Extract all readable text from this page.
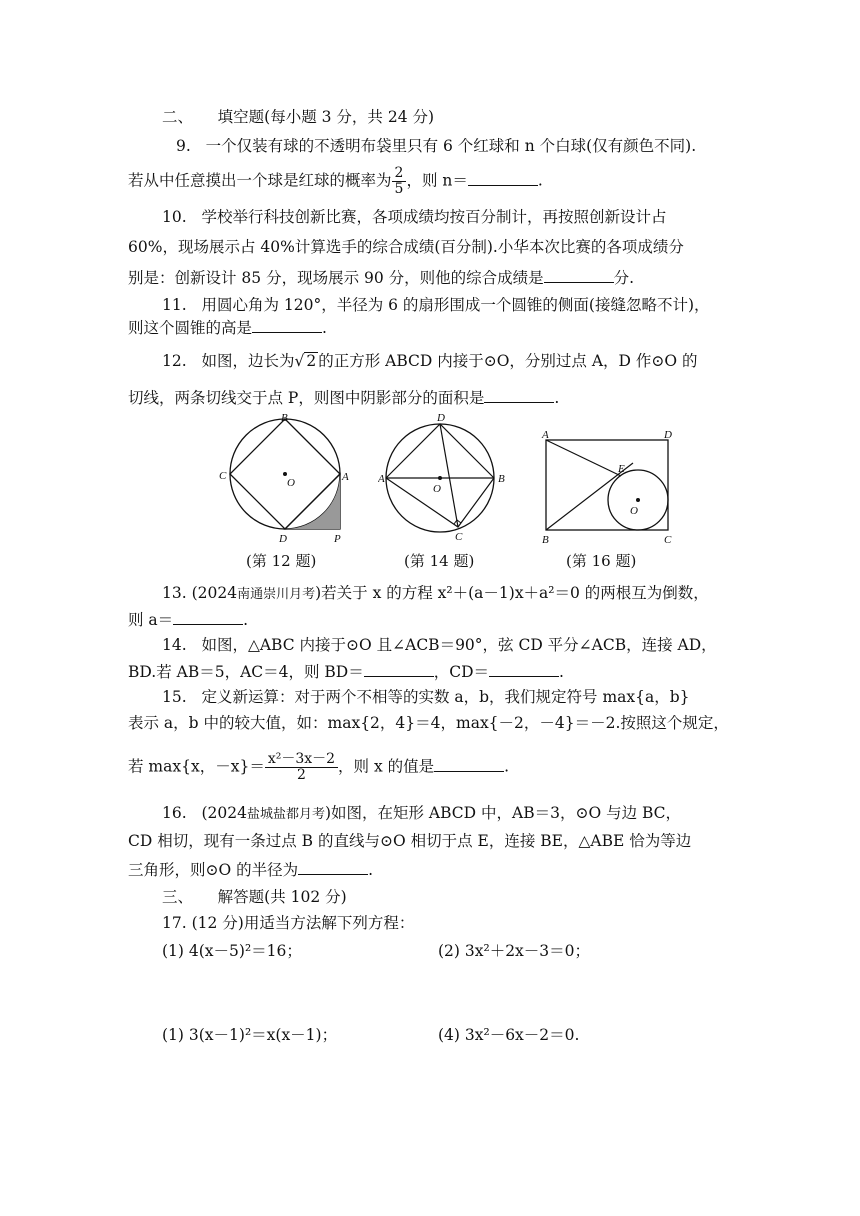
二、 填空题(每小题 3 分，共 24 分)
9. 一个仅装有球的不透明布袋里只有 6 个红球和 n 个白球(仅有颜色不同).
若从中任意摸出一个球是红球的概率为 $\frac{2}{5}$ ，则 n＝	.
10. 学校举行科技创新比赛，各项成绩均按百分制计，再按照创新设计占
60%，现场展示占 40%计算选手的综合成绩(百分制).小华本次比赛的各项成绩分
别是：创新设计 85 分，现场展示 90 分，则他的综合成绩是	分.
11. 用圆心角为 120°，半径为 6 的扇形围成一个圆锥的侧面(接缝忽略不计)，
则这个圆锥的高是	.
12. 如图，边长为√ 2 的正方形 ABCD 内接于⊙O，分别过点 A，D 作⊙O 的
切线，两条切线交于点 P，则图中阴影部分的面积是	.
B
C
O	A
D	P
D
A
O
B
C
A	D
E
O
B	C
(第 12 题)	(第 14 题)	(第 16 题)
13. (2024南通崇川月考)若关于 x 的方程 x²＋(a－1)x＋a²＝0 的两根互为倒数，
则 a＝	.
14. 如图，△ABC 内接于⊙O 且∠ACB＝90°，弦 CD 平分∠ACB，连接 AD，
BD.若 AB＝5，AC＝4，则 BD＝	，CD＝	.
15. 定义新运算：对于两个不相等的实数 a，b，我们规定符号 max{a，b}
表示 a，b 中的较大值，如：max{2，4}＝4，max{－2，－4}＝－2.按照这个规定，
若 max{x，$-x\}= \frac{\text{x²－3x－2}}{2}$ ，则 x 的值是	.
16. (2024盐城盐都月考)如图，在矩形 ABCD 中，AB＝3，⊙O 与边 BC，
CD 相切，现有一条过点 B 的直线与⊙O 相切于点 E，连接 BE，△ABE 恰为等边
三角形，则⊙O 的半径为	.
三、 解答题(共 102 分)
17. (12 分)用适当方法解下列方程：
(1) 4(x－5)²＝16；	(2) 3x²＋2x－3＝0；
(1) 3(x－1)²＝x(x－1)；	(4) 3x²－6x－2＝0.
